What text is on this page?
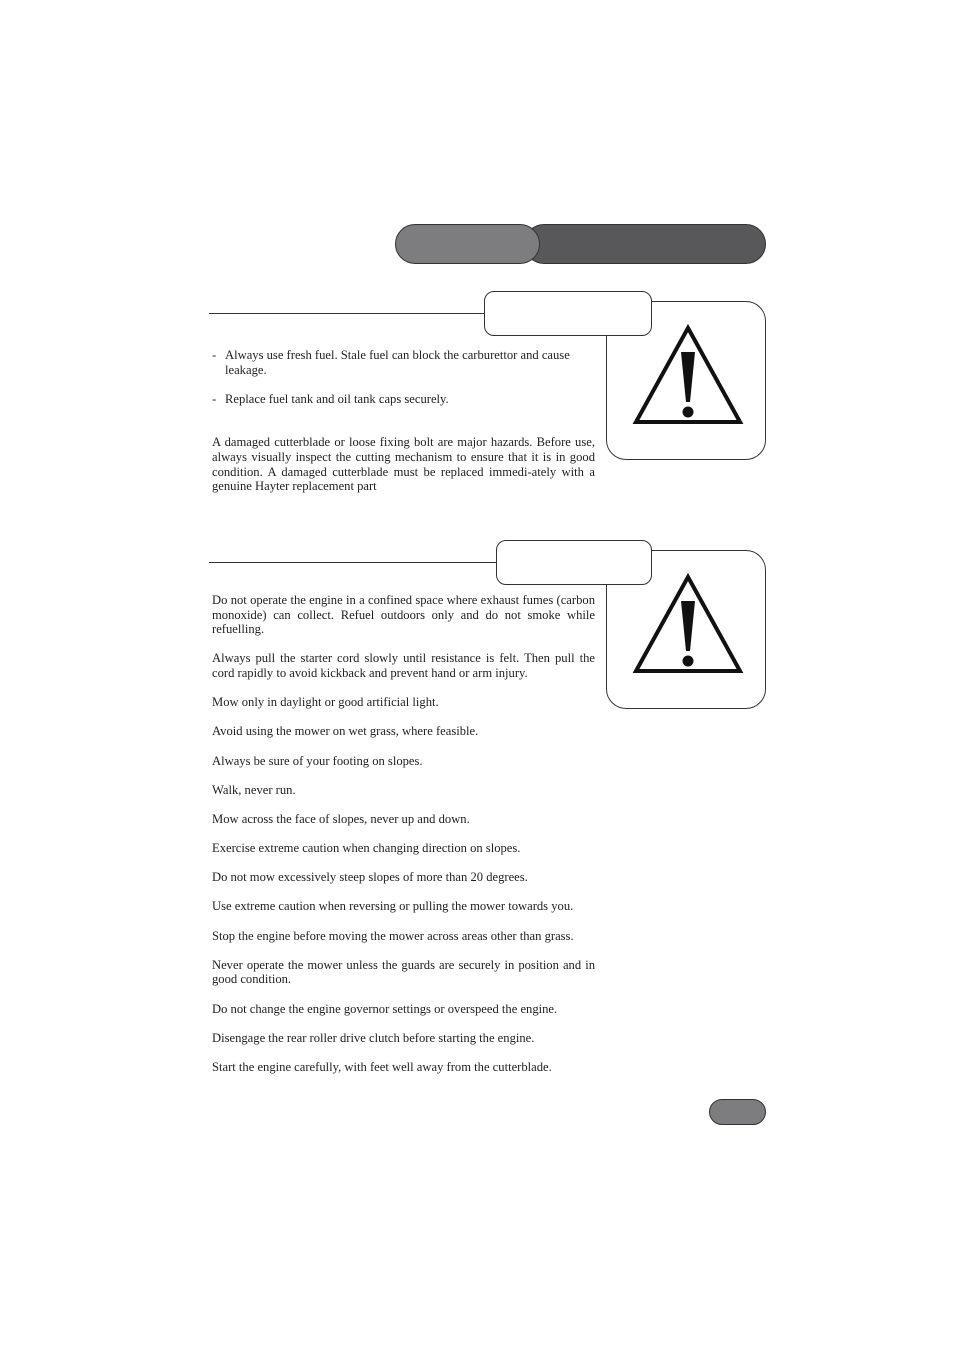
- Always use fresh fuel. Stale fuel can block the carburettor and cause leakage.
- Replace fuel tank and oil tank caps securely.

A damaged cutterblade or loose fixing bolt are major hazards. Before use, always visually inspect the cutting mechanism to ensure that it is in good condition. A damaged cutterblade must be replaced immedi-ately with a genuine Hayter replacement part

Do not operate the engine in a confined space where exhaust fumes (carbon monoxide) can collect. Refuel outdoors only and do not smoke while refuelling.

Always pull the starter cord slowly until resistance is felt. Then pull the cord rapidly to avoid kickback and prevent hand or arm injury.

Mow only in daylight or good artificial light.

Avoid using the mower on wet grass, where feasible.

Always be sure of your footing on slopes.

Walk, never run.

Mow across the face of slopes, never up and down.

Exercise extreme caution when changing direction on slopes.

Do not mow excessively steep slopes of more than 20 degrees.

Use extreme caution when reversing or pulling the mower towards you.

Stop the engine before moving the mower across areas other than grass.

Never operate the mower unless the guards are securely in position and in good condition.

Do not change the engine governor settings or overspeed the engine.

Disengage the rear roller drive clutch before starting the engine.

Start the engine carefully, with feet well away from the cutterblade.
